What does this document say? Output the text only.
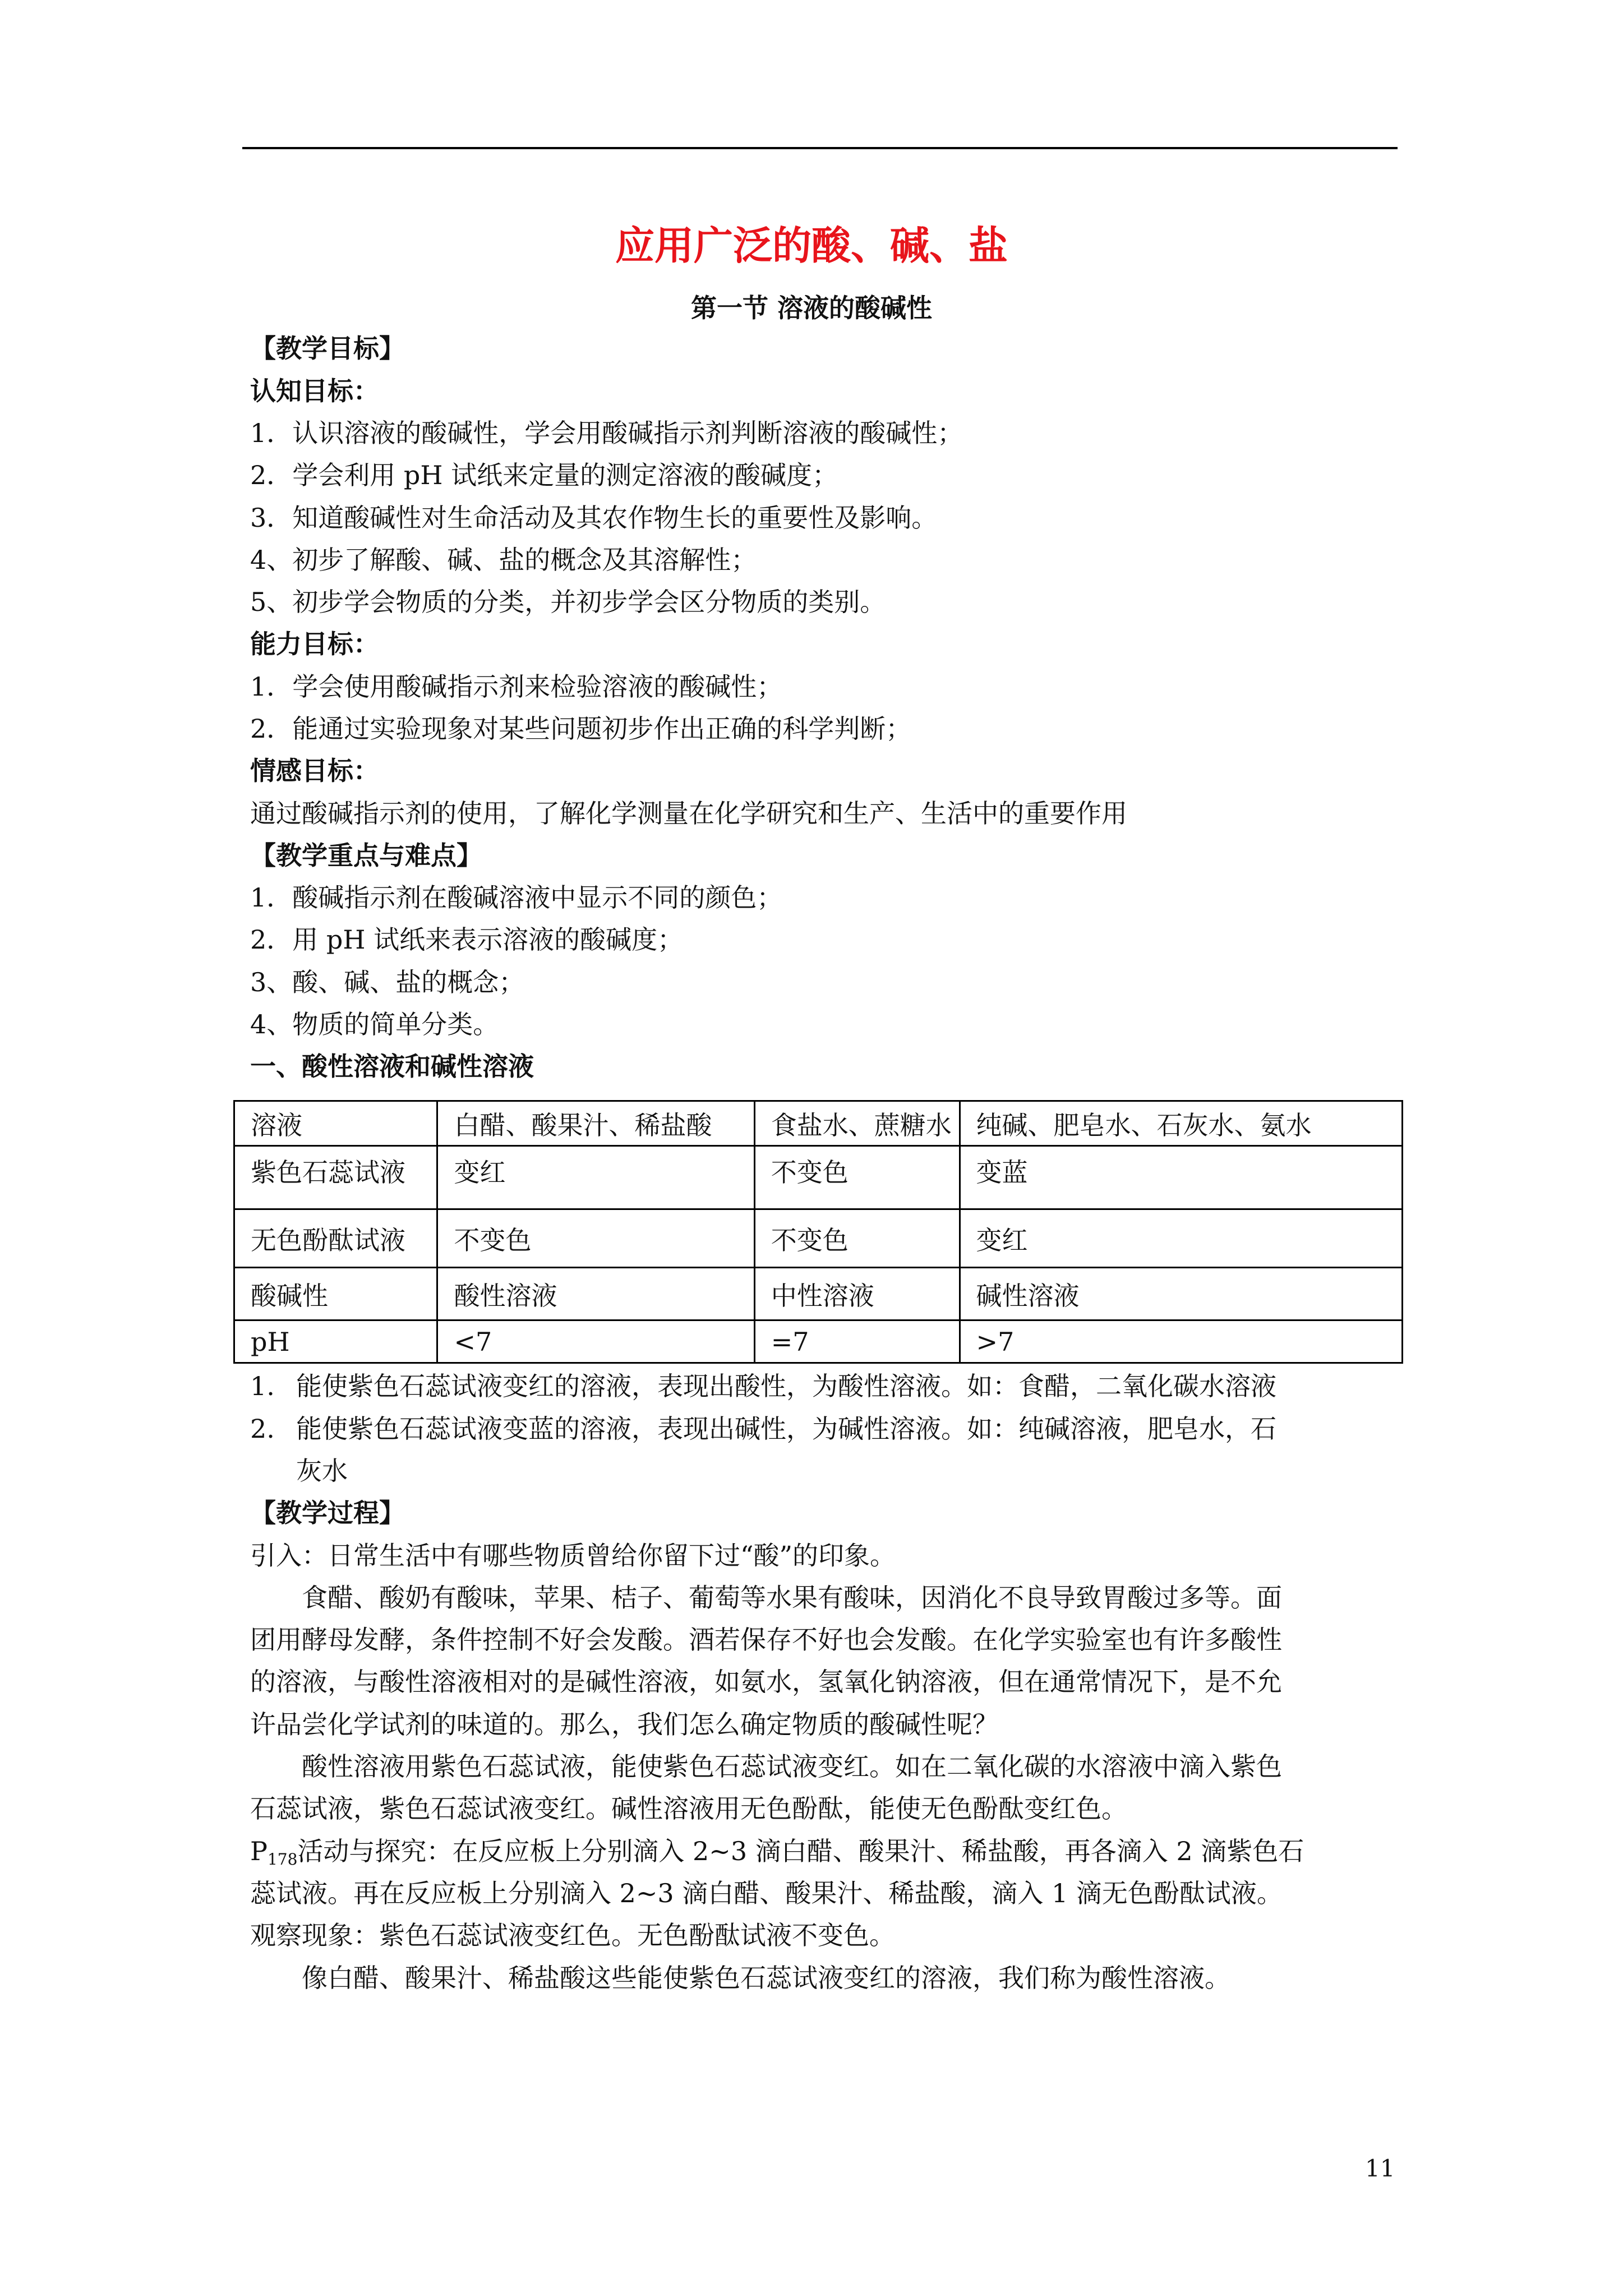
应用广泛的酸、碱、盐
第一节 溶液的酸碱性

【教学目标】

认知目标：

1．认识溶液的酸碱性，学会用酸碱指示剂判断溶液的酸碱性；

2．学会利用 pH 试纸来定量的测定溶液的酸碱度；

3．知道酸碱性对生命活动及其农作物生长的重要性及影响。

4、初步了解酸、碱、盐的概念及其溶解性；

5、初步学会物质的分类，并初步学会区分物质的类别。

能力目标：

1．学会使用酸碱指示剂来检验溶液的酸碱性；

2．能通过实验现象对某些问题初步作出正确的科学判断；

情感目标：

通过酸碱指示剂的使用，了解化学测量在化学研究和生产、生活中的重要作用

【教学重点与难点】

1．酸碱指示剂在酸碱溶液中显示不同的颜色；

2．用 pH 试纸来表示溶液的酸碱度；

3、酸、碱、盐的概念；

4、物质的简单分类。

一、酸性溶液和碱性溶液

溶液	白醋、酸果汁、稀盐酸	食盐水、蔗糖水	纯碱、肥皂水、石灰水、氨水
紫色石蕊试液	变红	不变色	变蓝
无色酚酞试液	不变色	不变色	变红
酸碱性	酸性溶液	中性溶液	碱性溶液
pH	<7	=7	>7
1. 能使紫色石蕊试液变红的溶液，表现出酸性，为酸性溶液。如：食醋，二氧化碳水溶液
2. 能使紫色石蕊试液变蓝的溶液，表现出碱性，为碱性溶液。如：纯碱溶液，肥皂水，石
灰水

【教学过程】

引入：日常生活中有哪些物质曾给你留下过“酸”的印象。

食醋、酸奶有酸味，苹果、桔子、葡萄等水果有酸味，因消化不良导致胃酸过多等。面

团用酵母发酵，条件控制不好会发酸。酒若保存不好也会发酸。在化学实验室也有许多酸性

的溶液，与酸性溶液相对的是碱性溶液，如氨水，氢氧化钠溶液，但在通常情况下，是不允

许品尝化学试剂的味道的。那么，我们怎么确定物质的酸碱性呢？

酸性溶液用紫色石蕊试液，能使紫色石蕊试液变红。如在二氧化碳的水溶液中滴入紫色

石蕊试液，紫色石蕊试液变红。碱性溶液用无色酚酞，能使无色酚酞变红色。

$P_{178}$活动与探究：在反应板上分别滴入 2~3 滴白醋、酸果汁、稀盐酸，再各滴入 2 滴紫色石

蕊试液。再在反应板上分别滴入 2~3 滴白醋、酸果汁、稀盐酸，滴入 1 滴无色酚酞试液。

观察现象：紫色石蕊试液变红色。无色酚酞试液不变色。

像白醋、酸果汁、稀盐酸这些能使紫色石蕊试液变红的溶液，我们称为酸性溶液。

11
